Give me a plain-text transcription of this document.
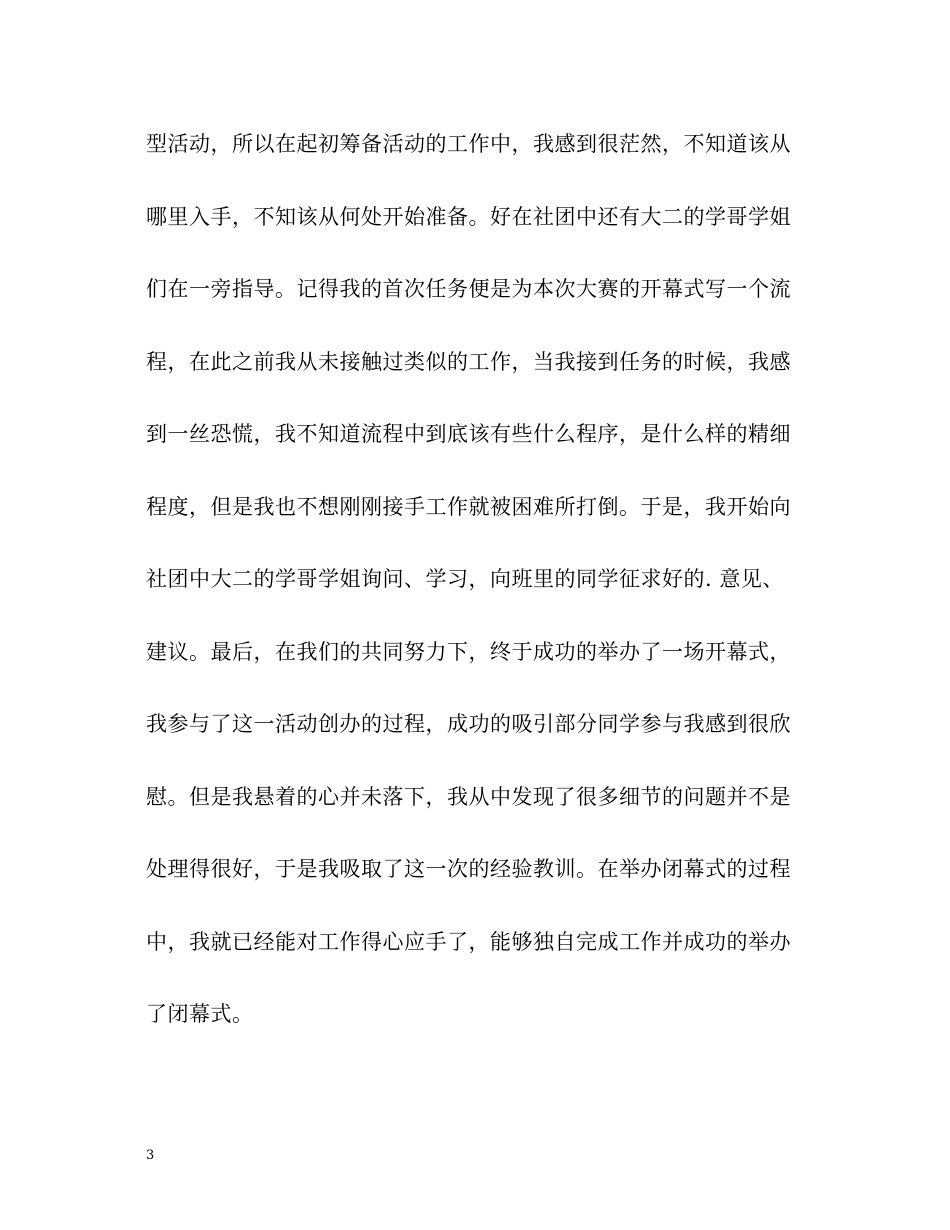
型活动，所以在起初筹备活动的工作中，我感到很茫然，不知道该从
哪里入手，不知该从何处开始准备。好在社团中还有大二的学哥学姐
们在一旁指导。记得我的首次任务便是为本次大赛的开幕式写一个流
程，在此之前我从未接触过类似的工作，当我接到任务的时候，我感
到一丝恐慌，我不知道流程中到底该有些什么程序，是什么样的精细
程度，但是我也不想刚刚接手工作就被困难所打倒。于是，我开始向
社团中大二的学哥学姐询问、学习，向班里的同学征求好的. 意见、
建议。最后，在我们的共同努力下，终于成功的举办了一场开幕式，
我参与了这一活动创办的过程，成功的吸引部分同学参与我感到很欣
慰。但是我悬着的心并未落下，我从中发现了很多细节的问题并不是
处理得很好，于是我吸取了这一次的经验教训。在举办闭幕式的过程
中，我就已经能对工作得心应手了，能够独自完成工作并成功的举办
了闭幕式。
3
